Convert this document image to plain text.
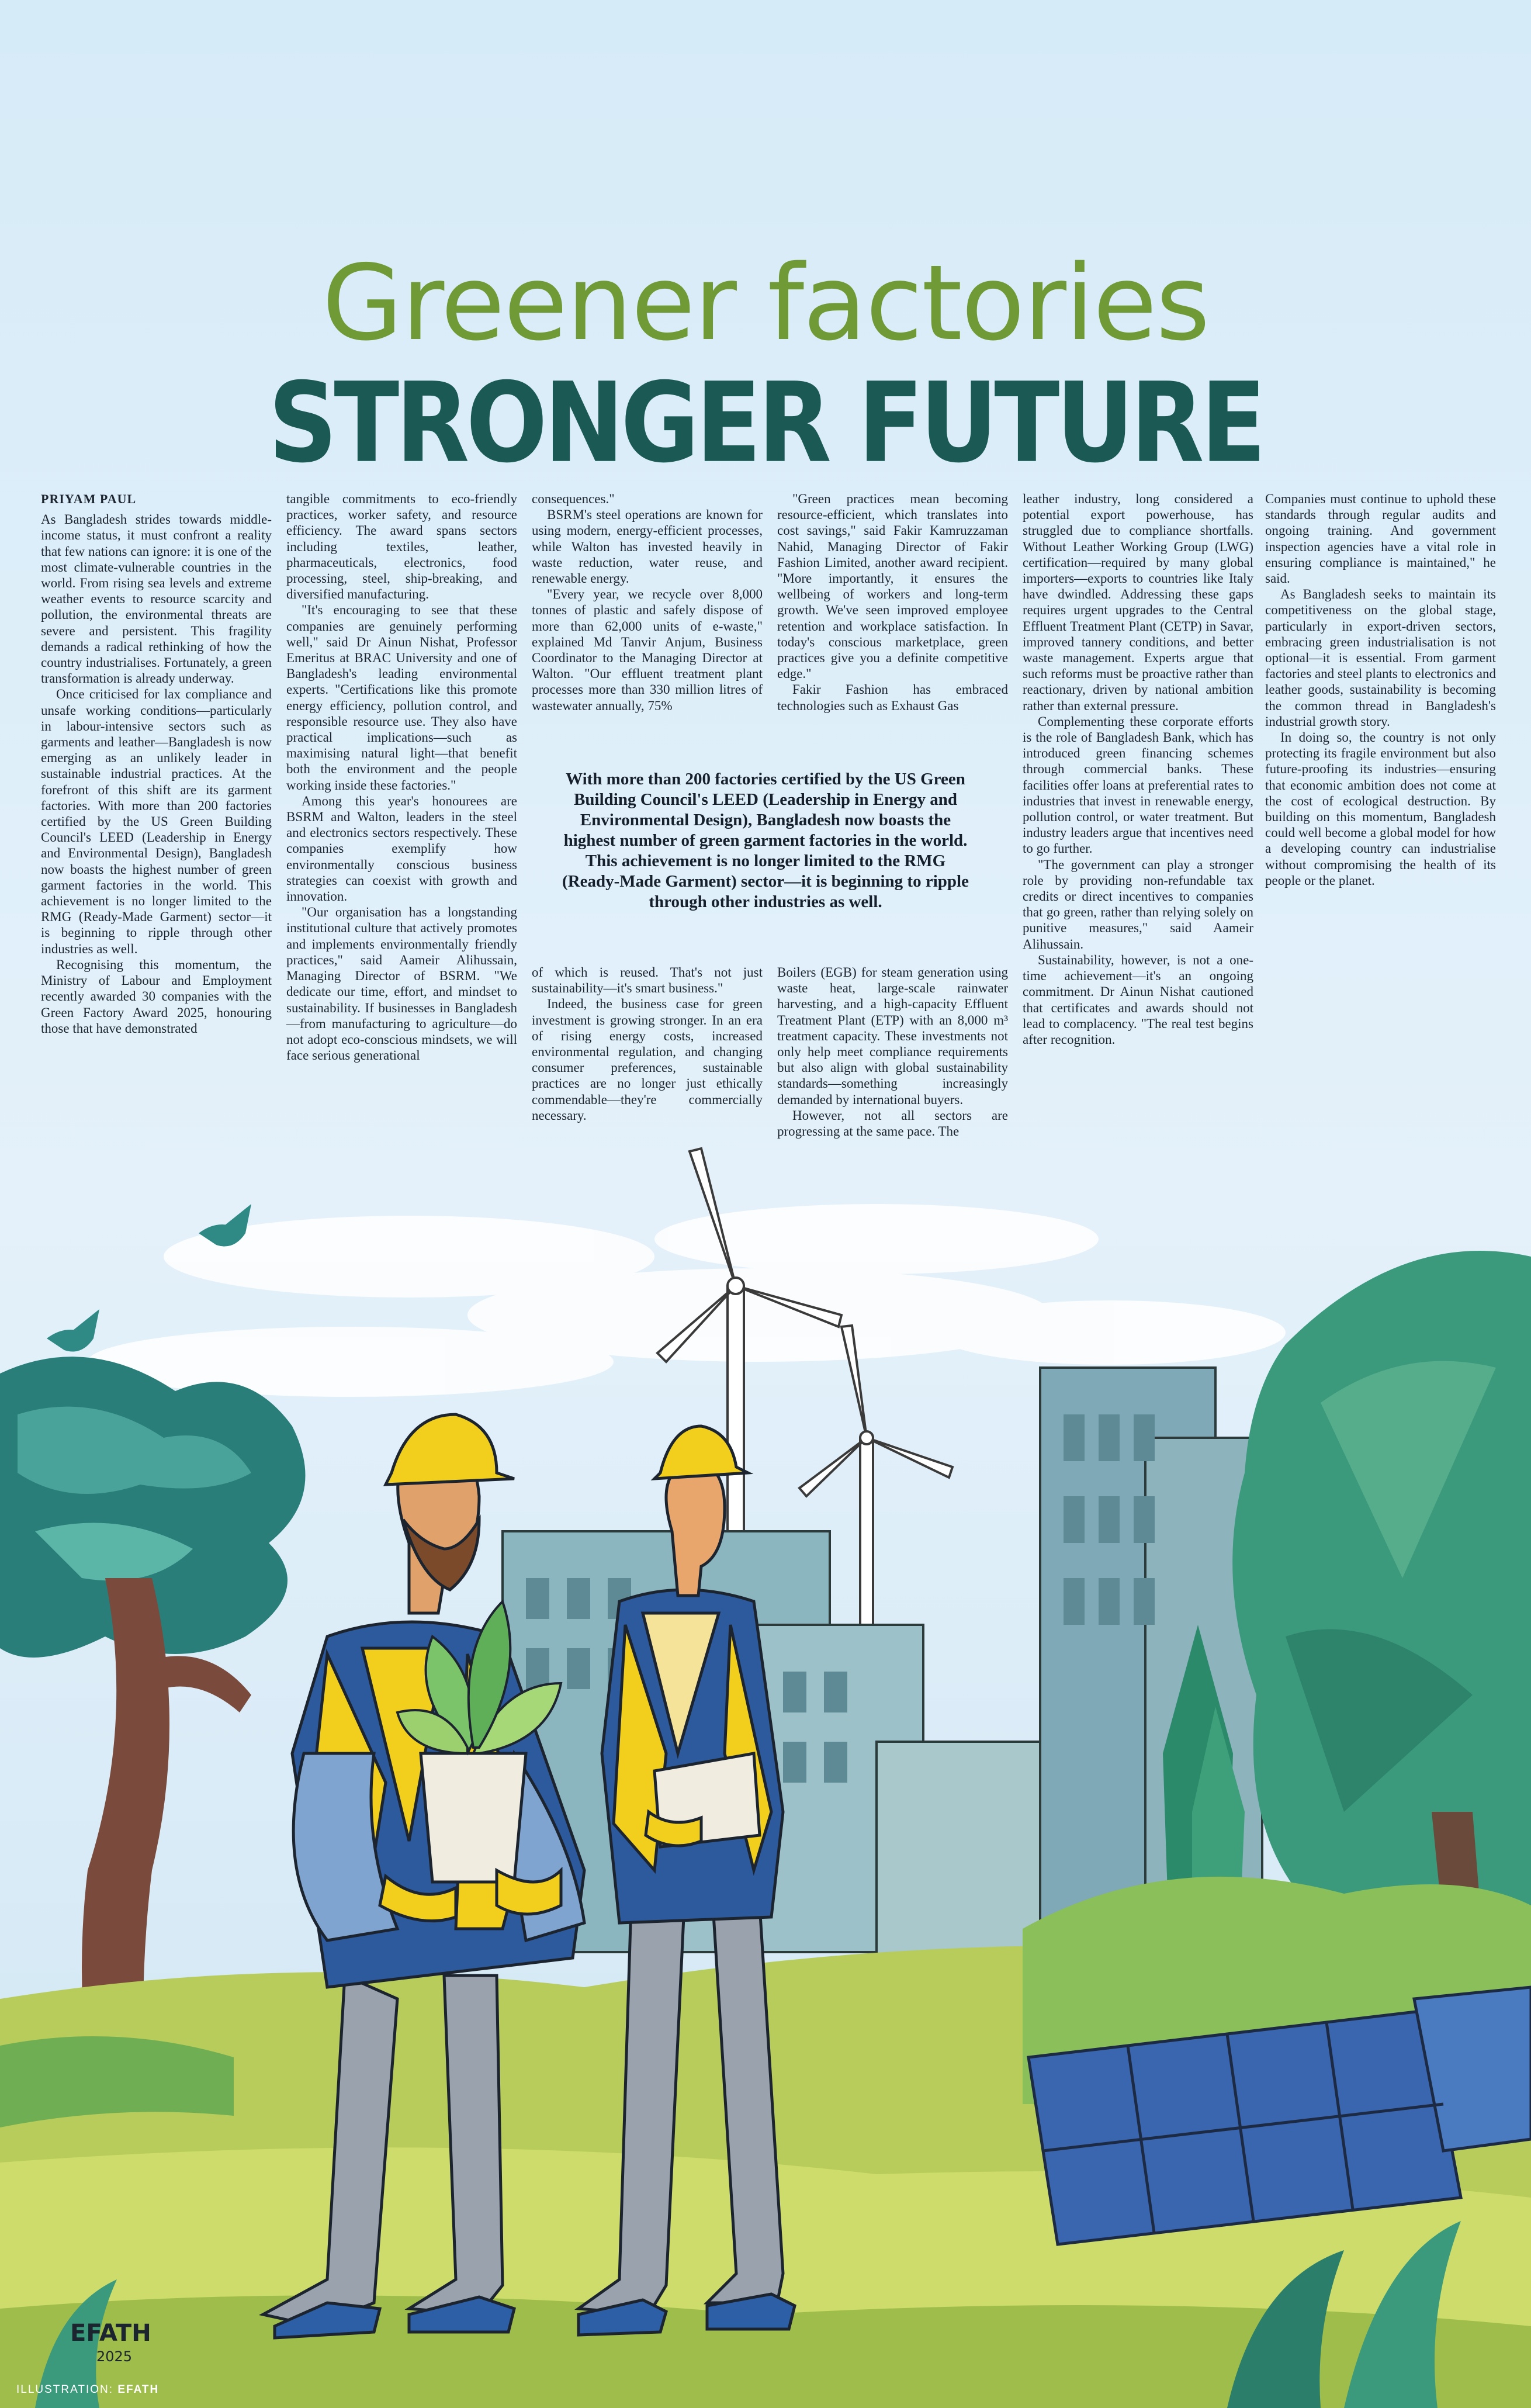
Greener factories
STRONGER FUTURE
PRIYAM PAUL

As Bangladesh strides towards middle-income status, it must confront a reality that few nations can ignore: it is one of the most climate-vulnerable countries in the world. From rising sea levels and extreme weather events to resource scarcity and pollution, the environmental threats are severe and persistent. This fragility demands a radical rethinking of how the country industrialises. Fortunately, a green transformation is already underway.

Once criticised for lax compliance and unsafe working conditions—particularly in labour-intensive sectors such as garments and leather—Bangladesh is now emerging as an unlikely leader in sustainable industrial practices. At the forefront of this shift are its garment factories. With more than 200 factories certified by the US Green Building Council's LEED (Leadership in Energy and Environmental Design), Bangladesh now boasts the highest number of green garment factories in the world. This achievement is no longer limited to the RMG (Ready-Made Garment) sector—it is beginning to ripple through other industries as well.

Recognising this momentum, the Ministry of Labour and Employment recently awarded 30 companies with the Green Factory Award 2025, honouring those that have demonstrated

tangible commitments to eco-friendly practices, worker safety, and resource efficiency. The award spans sectors including textiles, leather, pharmaceuticals, electronics, food processing, steel, ship-breaking, and diversified manufacturing.

"It's encouraging to see that these companies are genuinely performing well," said Dr Ainun Nishat, Professor Emeritus at BRAC University and one of Bangladesh's leading environmental experts. "Certifications like this promote energy efficiency, pollution control, and responsible resource use. They also have practical implications—such as maximising natural light—that benefit both the environment and the people working inside these factories."

Among this year's honourees are BSRM and Walton, leaders in the steel and electronics sectors respectively. These companies exemplify how environmentally conscious business strategies can coexist with growth and innovation.

"Our organisation has a longstanding institutional culture that actively promotes and implements environmentally friendly practices," said Aameir Alihussain, Managing Director of BSRM. "We dedicate our time, effort, and mindset to sustainability. If businesses in Bangladesh—from manufacturing to agriculture—do not adopt eco-conscious mindsets, we will face serious generational

consequences."

BSRM's steel operations are known for using modern, energy-efficient processes, while Walton has invested heavily in waste reduction, water reuse, and renewable energy.

"Every year, we recycle over 8,000 tonnes of plastic and safely dispose of more than 62,000 units of e-waste," explained Md Tanvir Anjum, Business Coordinator to the Managing Director at Walton. "Our effluent treatment plant processes more than 330 million litres of wastewater annually, 75%

"Green practices mean becoming resource-efficient, which translates into cost savings," said Fakir Kamruzzaman Nahid, Managing Director of Fakir Fashion Limited, another award recipient. "More importantly, it ensures the wellbeing of workers and long-term growth. We've seen improved employee retention and workplace satisfaction. In today's conscious marketplace, green practices give you a definite competitive edge."

Fakir Fashion has embraced technologies such as Exhaust Gas

With more than 200 factories certified by the US Green Building Council's LEED (Leadership in Energy and Environmental Design), Bangladesh now boasts the highest number of green garment factories in the world. This achievement is no longer limited to the RMG (Ready-Made Garment) sector—it is beginning to ripple through other industries as well.

of which is reused. That's not just sustainability—it's smart business."

Indeed, the business case for green investment is growing stronger. In an era of rising energy costs, increased environmental regulation, and changing consumer preferences, sustainable practices are no longer just ethically commendable—they're commercially necessary.

Boilers (EGB) for steam generation using waste heat, large-scale rainwater harvesting, and a high-capacity Effluent Treatment Plant (ETP) with an 8,000 m³ treatment capacity. These investments not only help meet compliance requirements but also align with global sustainability standards—something increasingly demanded by international buyers.

However, not all sectors are progressing at the same pace. The

leather industry, long considered a potential export powerhouse, has struggled due to compliance shortfalls. Without Leather Working Group (LWG) certification—required by many global importers—exports to countries like Italy have dwindled. Addressing these gaps requires urgent upgrades to the Central Effluent Treatment Plant (CETP) in Savar, improved tannery conditions, and better waste management. Experts argue that such reforms must be proactive rather than reactionary, driven by national ambition rather than external pressure.

Complementing these corporate efforts is the role of Bangladesh Bank, which has introduced green financing schemes through commercial banks. These facilities offer loans at preferential rates to industries that invest in renewable energy, pollution control, or water treatment. But industry leaders argue that incentives need to go further.

"The government can play a stronger role by providing non-refundable tax credits or direct incentives to companies that go green, rather than relying solely on punitive measures," said Aameir Alihussain.

Sustainability, however, is not a one-time achievement—it's an ongoing commitment. Dr Ainun Nishat cautioned that certificates and awards should not lead to complacency. "The real test begins after recognition.

Companies must continue to uphold these standards through regular audits and ongoing training. And government inspection agencies have a vital role in ensuring compliance is maintained," he said.

As Bangladesh seeks to maintain its competitiveness on the global stage, particularly in export-driven sectors, embracing green industrialisation is not optional—it is essential. From garment factories and steel plants to electronics and leather goods, sustainability is becoming the common thread in Bangladesh's industrial growth story.

In doing so, the country is not only protecting its fragile environment but also future-proofing its industries—ensuring that economic ambition does not come at the cost of ecological destruction. By building on this momentum, Bangladesh could well become a global model for how a developing country can industrialise without compromising the health of its people or the planet.

EFATH
2025
ILLUSTRATION: EFATH
